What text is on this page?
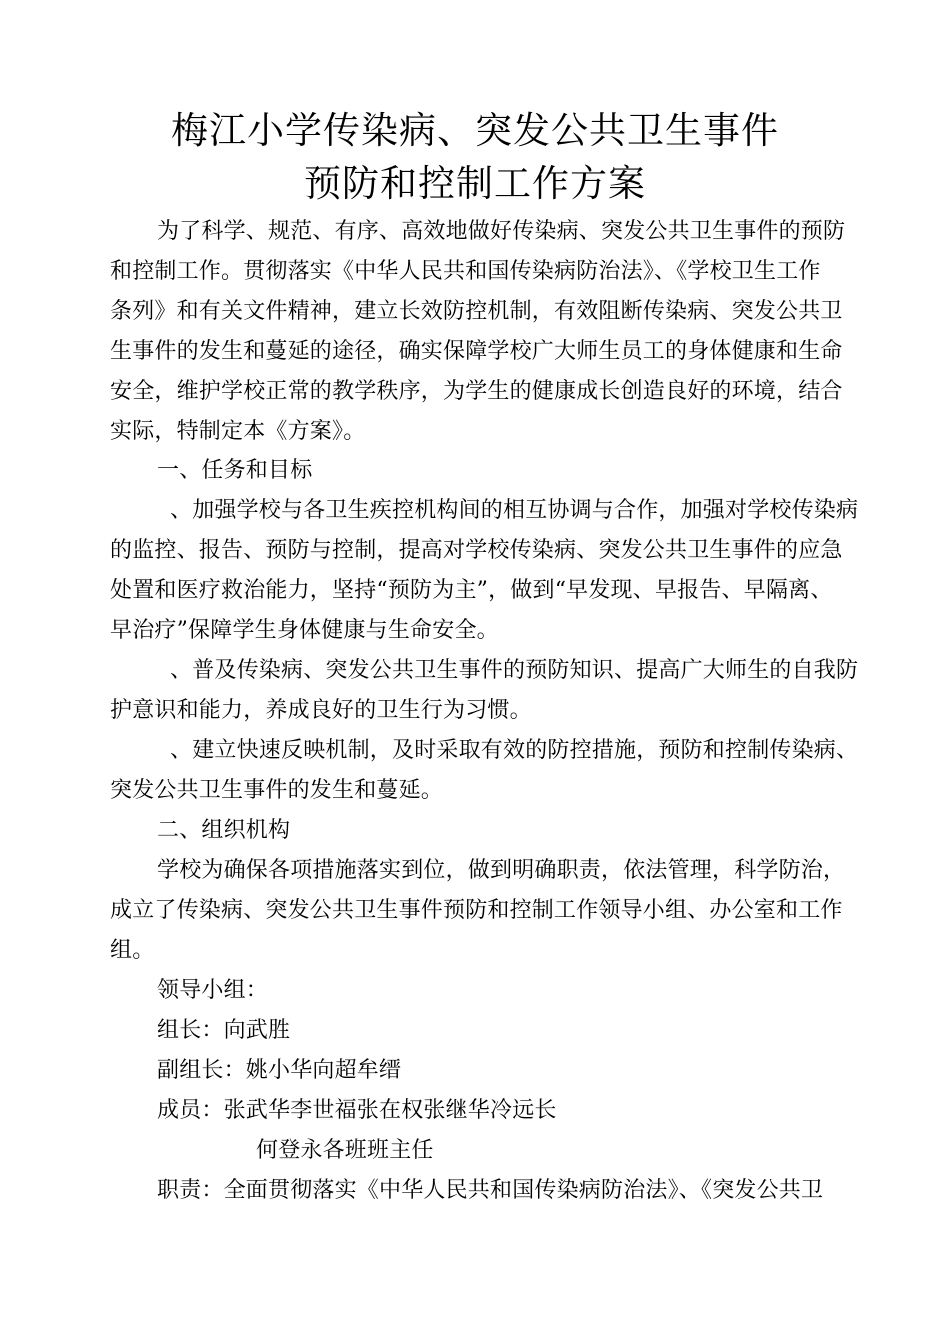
梅江小学传染病、突发公共卫生事件
预防和控制工作方案
为了科学、规范、有序、高效地做好传染病、突发公共卫生事件的预防
和控制工作。贯彻落实《中华人民共和国传染病防治法》、《学校卫生工作
条列》和有关文件精神，建立长效防控机制，有效阻断传染病、突发公共卫
生事件的发生和蔓延的途径，确实保障学校广大师生员工的身体健康和生命
安全，维护学校正常的教学秩序，为学生的健康成长创造良好的环境，结合
实际，特制定本《方案》。
一、任务和目标
、加强学校与各卫生疾控机构间的相互协调与合作，加强对学校传染病
的监控、报告、预防与控制，提高对学校传染病、突发公共卫生事件的应急
处置和医疗救治能力，坚持“预防为主”，做到“早发现、早报告、早隔离、
早治疗”保障学生身体健康与生命安全。
、普及传染病、突发公共卫生事件的预防知识、提高广大师生的自我防
护意识和能力，养成良好的卫生行为习惯。
、建立快速反映机制，及时采取有效的防控措施，预防和控制传染病、
突发公共卫生事件的发生和蔓延。
二、组织机构
学校为确保各项措施落实到位，做到明确职责，依法管理，科学防治，
成立了传染病、突发公共卫生事件预防和控制工作领导小组、办公室和工作
组。
领导小组：
组长：向武胜
副组长：姚小华向超牟缙
成员：张武华李世福张在权张继华冷远长
何登永各班班主任
职责：全面贯彻落实《中华人民共和国传染病防治法》、《突发公共卫
